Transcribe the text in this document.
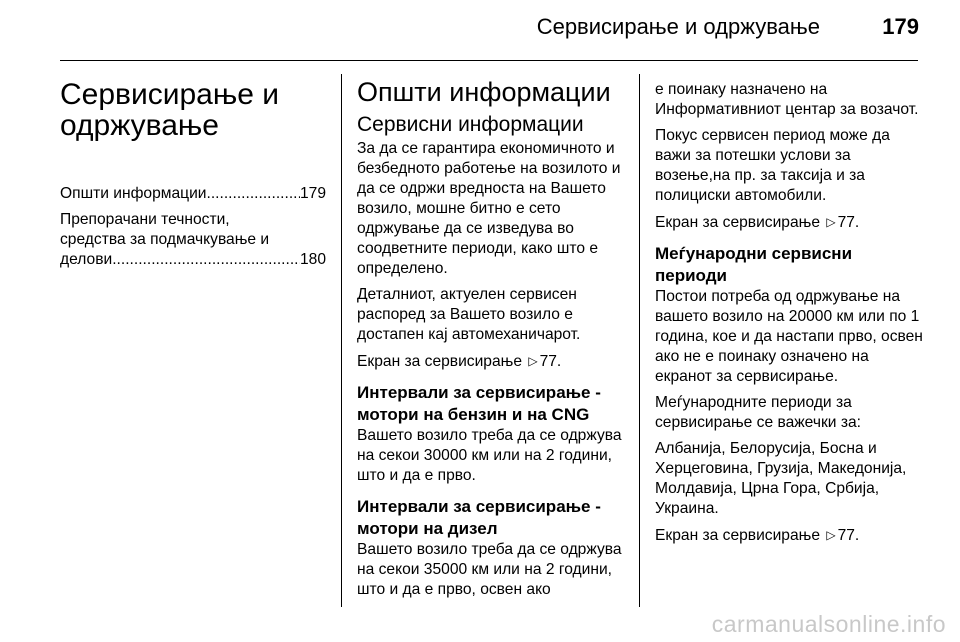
Сервисирање и одржување	179
Сервисирање и одржување
Општи информации .....	179
Препорачани течности,
средства за подмачкување и
делови .....	180
Општи информации
Сервисни информации

За да се гарантира економичното и безбедното работење на возилото и да се одржи вредноста на Вашето возило, мошне битно е сето одржување да се изведува во соодветните периоди, како што е определено.

Деталниот, актуелен сервисен распоред за Вашето возило е достапен кај автомеханичарот.

Екран за сервисирање ▷ 77.

Интервали за сервисирање - мотори на бензин и на CNG

Вашето возило треба да се одржува на секои 30000 км или на 2 години, што и да е прво.

Интервали за сервисирање - мотори на дизел

Вашето возило треба да се одржува на секои 35000 км или на 2 години, што и да е прво, освен ако

е поинаку назначено на Информативниот центар за возачот.

Покус сервисен период може да важи за потешки услови за возење,на пр. за таксија и за полициски автомобили.

Екран за сервисирање ▷ 77.

Меѓународни сервисни периоди

Постои потреба од одржување на вашето возило на 20000 км или по 1 година, кое и да настапи прво, освен ако не е поинаку означено на екранот за сервисирање.

Меѓународните периоди за сервисирање се важечки за:

Албанија, Белорусија, Босна и Херцеговина, Грузија, Македонија, Молдавија, Црна Гора, Србија, Украина.

Екран за сервисирање ▷ 77.

carmanualsonline.info
